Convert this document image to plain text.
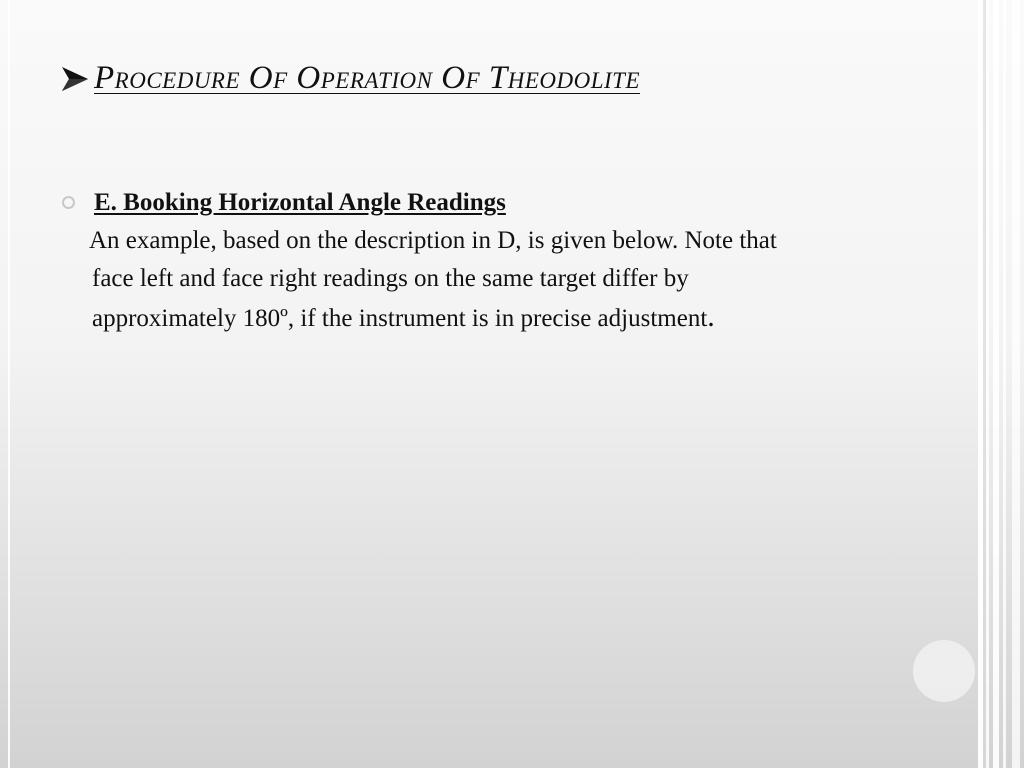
Procedure Of Operation Of Theodolite
E. Booking Horizontal Angle Readings
An example, based on the description in D, is given below. Note that
face left and face right readings on the same target differ by
approximately 180º, if the instrument is in precise adjustment.
